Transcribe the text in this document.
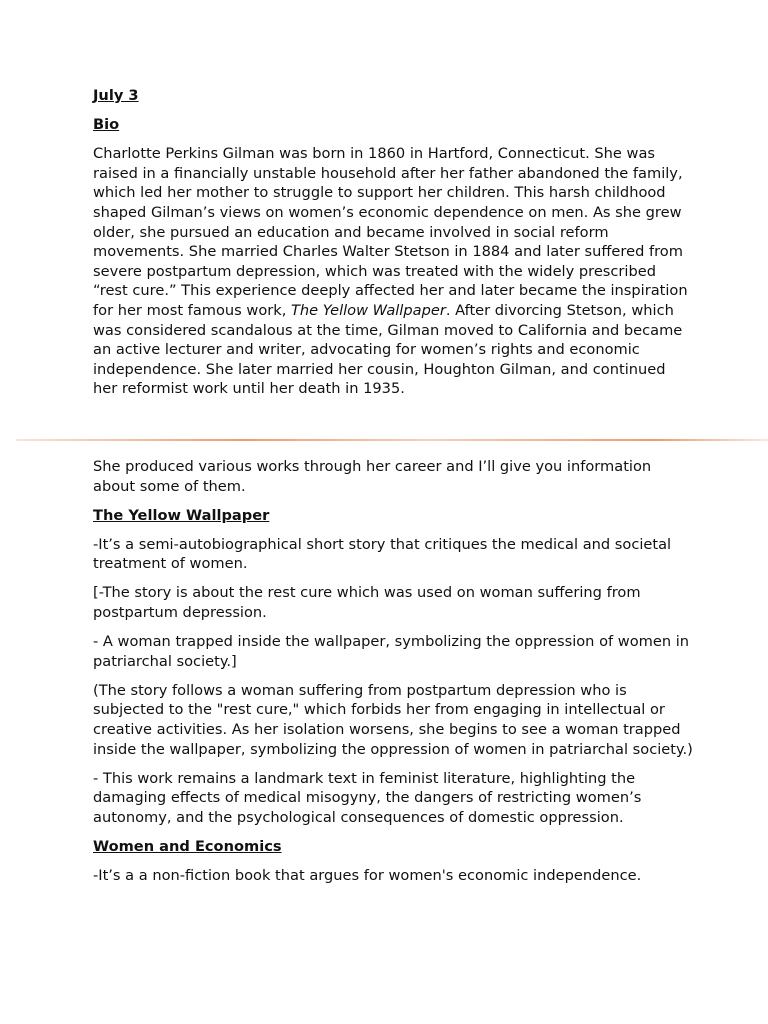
July 3
Bio

Charlotte Perkins Gilman was born in 1860 in Hartford, Connecticut. She was raised in a financially unstable household after her father abandoned the family, which led her mother to struggle to support her children. This harsh childhood shaped Gilman’s views on women’s economic dependence on men. As she grew older, she pursued an education and became involved in social reform movements. She married Charles Walter Stetson in 1884 and later suffered from severe postpartum depression, which was treated with the widely prescribed “rest cure.” This experience deeply affected her and later became the inspiration for her most famous work, The Yellow Wallpaper. After divorcing Stetson, which was considered scandalous at the time, Gilman moved to California and became an active lecturer and writer, advocating for women’s rights and economic independence. She later married her cousin, Houghton Gilman, and continued her reformist work until her death in 1935.

She produced various works through her career and I’ll give you information about some of them.

The Yellow Wallpaper

-It’s a semi-autobiographical short story that critiques the medical and societal treatment of women.

[-The story is about the rest cure which was used on woman suffering from postpartum depression.

- A woman trapped inside the wallpaper, symbolizing the oppression of women in patriarchal society.]

(The story follows a woman suffering from postpartum depression who is subjected to the "rest cure," which forbids her from engaging in intellectual or creative activities. As her isolation worsens, she begins to see a woman trapped inside the wallpaper, symbolizing the oppression of women in patriarchal society.)

- This work remains a landmark text in feminist literature, highlighting the damaging effects of medical misogyny, the dangers of restricting women’s autonomy, and the psychological consequences of domestic oppression.

Women and Economics

-It’s a a non-fiction book that argues for women's economic independence.
